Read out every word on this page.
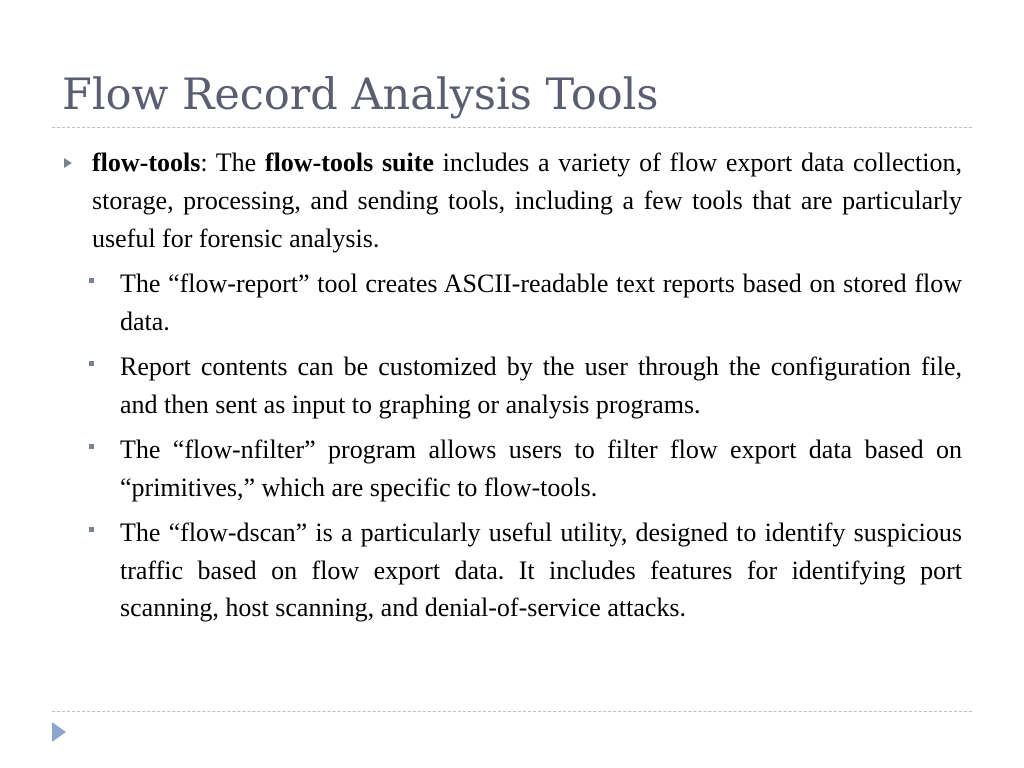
Flow Record Analysis Tools
flow-tools: The flow-tools suite includes a variety of flow export data collection, storage, processing, and sending tools, including a few tools that are particularly useful for forensic analysis.
The “flow-report” tool creates ASCII-readable text reports based on stored flow data.
Report contents can be customized by the user through the configuration file, and then sent as input to graphing or analysis programs.
The “flow-nfilter” program allows users to filter flow export data based on “primitives,” which are specific to flow-tools.
The “flow-dscan” is a particularly useful utility, designed to identify suspicious traffic based on flow export data. It includes features for identifying port scanning, host scanning, and denial-of-service attacks.
